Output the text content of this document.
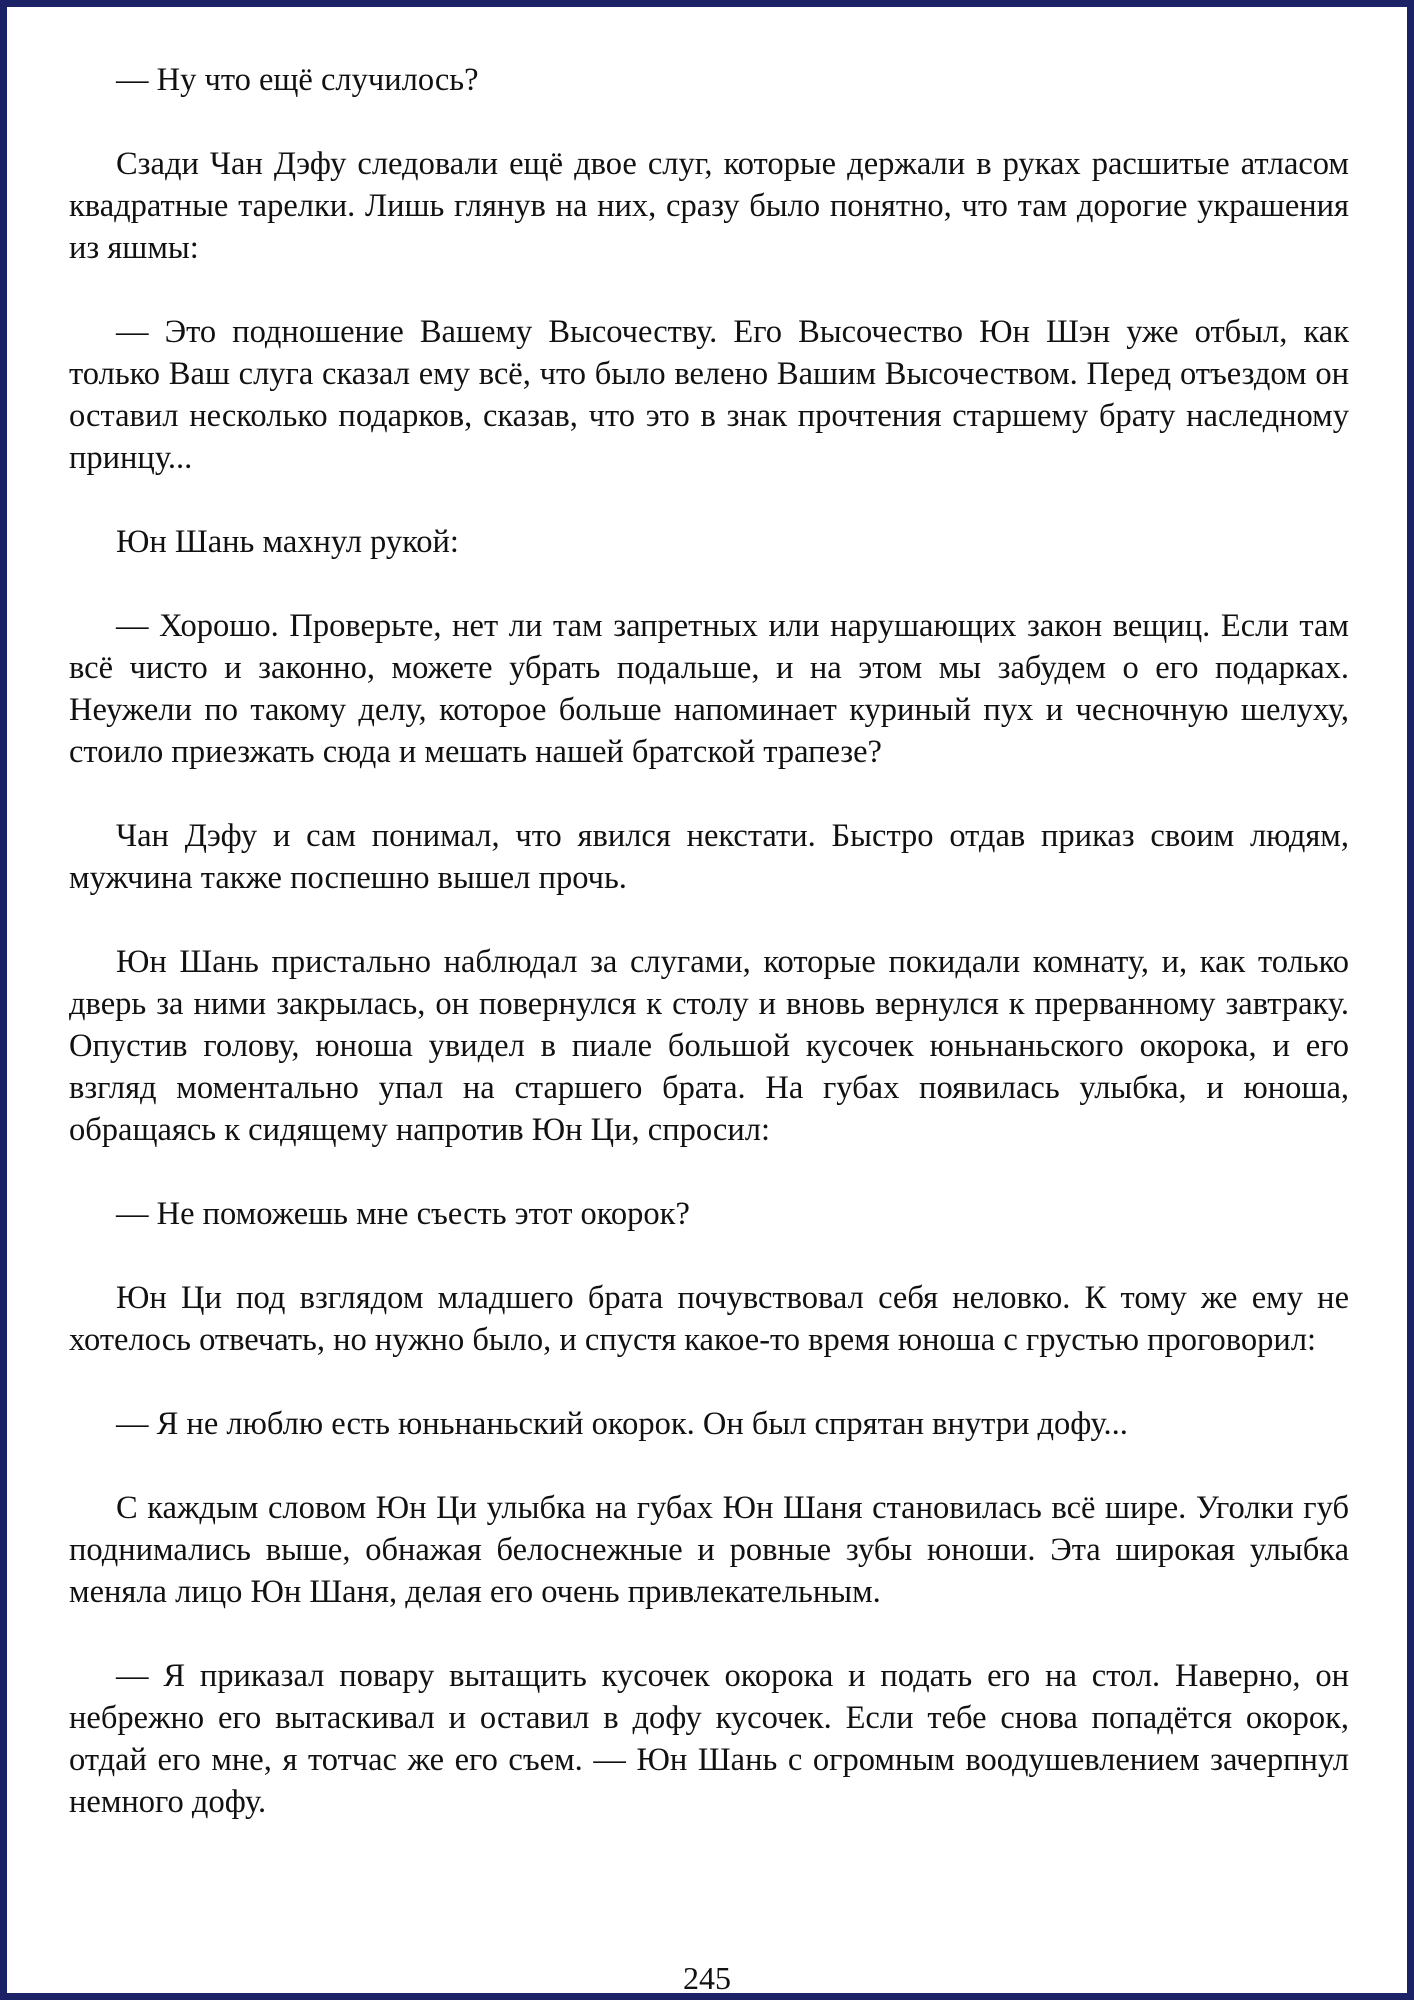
— Ну что ещё случилось?

Сзади Чан Дэфу следовали ещё двое слуг, которые держали в руках расшитые атласом квадратные тарелки. Лишь глянув на них, сразу было понятно, что там дорогие украшения из яшмы:

— Это подношение Вашему Высочеству. Его Высочество Юн Шэн уже отбыл, как только Ваш слуга сказал ему всё, что было велено Вашим Высочеством. Перед отъездом он оставил несколько подарков, сказав, что это в знак прочтения старшему брату наследному принцу...

Юн Шань махнул рукой:

— Хорошо. Проверьте, нет ли там запретных или нарушающих закон вещиц. Если там всё чисто и законно, можете убрать подальше, и на этом мы забудем о его подарках. Неужели по такому делу, которое больше напоминает куриный пух и чесночную шелуху, стоило приезжать сюда и мешать нашей братской трапезе?

Чан Дэфу и сам понимал, что явился некстати. Быстро отдав приказ своим людям, мужчина также поспешно вышел прочь.

Юн Шань пристально наблюдал за слугами, которые покидали комнату, и, как только дверь за ними закрылась, он повернулся к столу и вновь вернулся к прерванному завтраку. Опустив голову, юноша увидел в пиале большой кусочек юньнаньского окорока, и его взгляд моментально упал на старшего брата. На губах появилась улыбка, и юноша, обращаясь к сидящему напротив Юн Ци, спросил:

— Не поможешь мне съесть этот окорок?

Юн Ци под взглядом младшего брата почувствовал себя неловко. К тому же ему не хотелось отвечать, но нужно было, и спустя какое-то время юноша с грустью проговорил:

— Я не люблю есть юньнаньский окорок. Он был спрятан внутри дофу...

С каждым словом Юн Ци улыбка на губах Юн Шаня становилась всё шире. Уголки губ поднимались выше, обнажая белоснежные и ровные зубы юноши. Эта широкая улыбка меняла лицо Юн Шаня, делая его очень привлекательным.

— Я приказал повару вытащить кусочек окорока и подать его на стол. Наверно, он небрежно его вытаскивал и оставил в дофу кусочек. Если тебе снова попадётся окорок, отдай его мне, я тотчас же его съем. — Юн Шань с огромным воодушевлением зачерпнул немного дофу.

245
